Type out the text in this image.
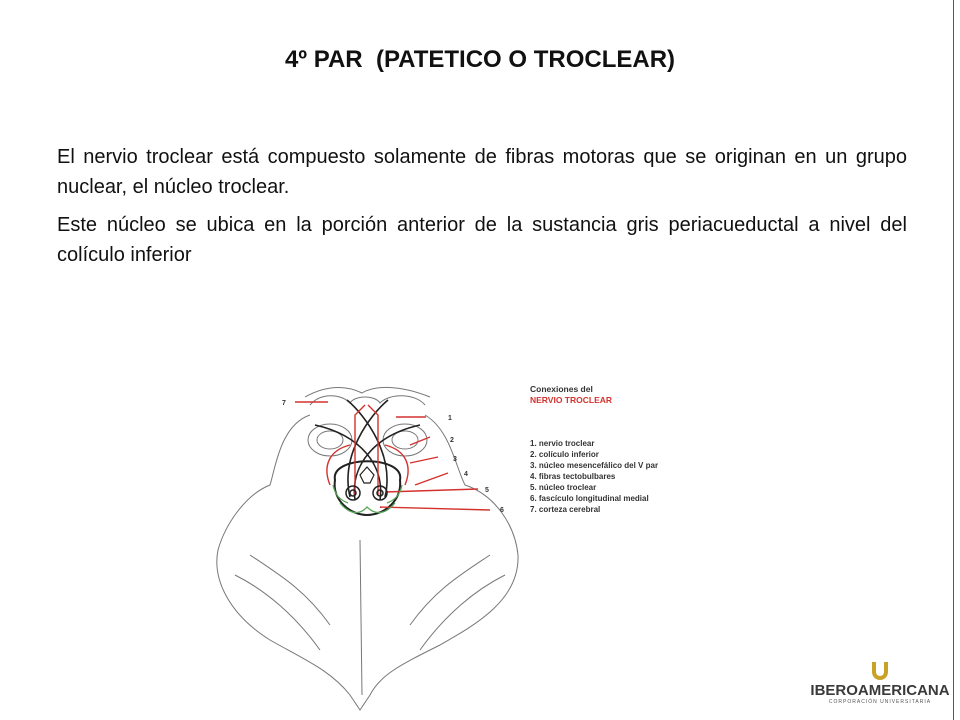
4º PAR  (PATETICO O TROCLEAR)
El nervio troclear está compuesto solamente de fibras motoras que se originan en un grupo nuclear, el núcleo troclear.
Este núcleo se ubica en la porción anterior de la sustancia gris periacueductal a nivel del colículo inferior
1
2
3
4
5
6
7
Conexiones del
NERVIO TROCLEAR
1. nervio troclear
2. colículo inferior
3. núcleo mesencefálico del V par
4. fibras tectobulbares
5. núcleo troclear
6. fascículo longitudinal medial
7. corteza cerebral
IBEROAMERICANA
CORPORACIÓN UNIVERSITARIA
